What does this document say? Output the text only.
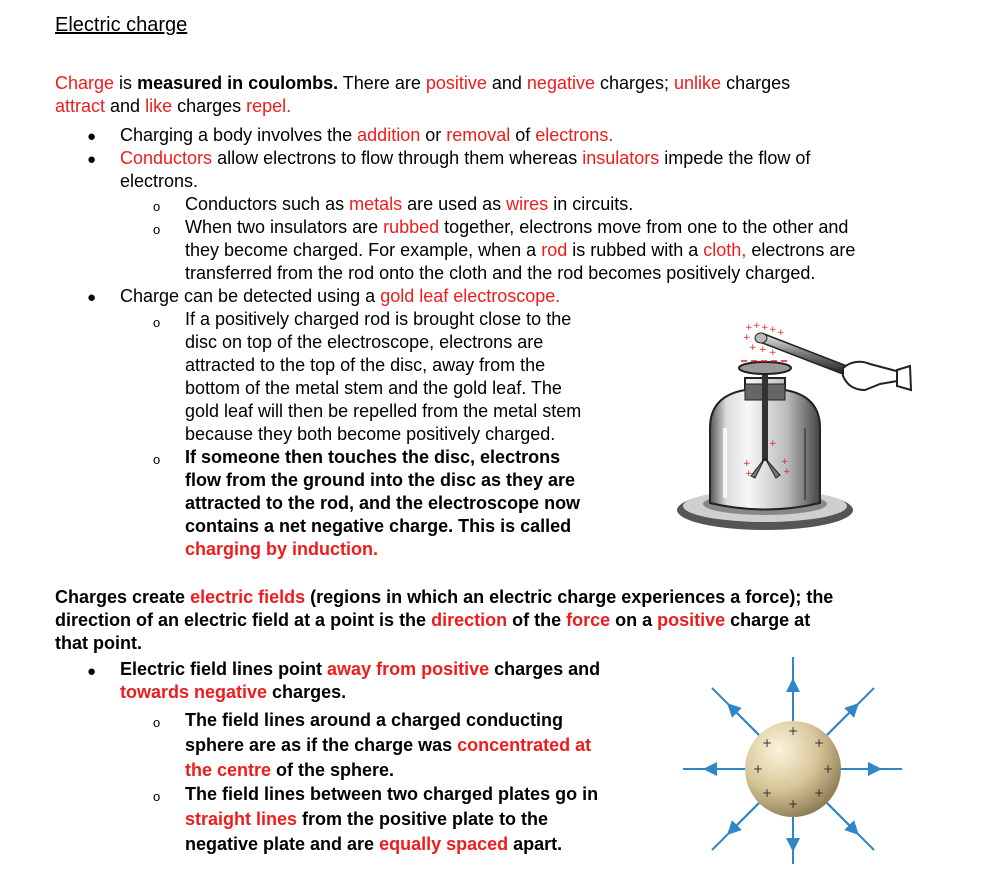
Electric charge
Charge is measured in coulombs. There are positive and negative charges; unlike charges
attract and like charges repel.
● Charging a body involves the addition or removal of electrons.
● Conductors allow electrons to flow through them whereas insulators impede the flow of
electrons.
o Conductors such as metals are used as wires in circuits.
o When two insulators are rubbed together, electrons move from one to the other and
they become charged. For example, when a rod is rubbed with a cloth, electrons are
transferred from the rod onto the cloth and the rod becomes positively charged.
● Charge can be detected using a gold leaf electroscope.
o If a positively charged rod is brought close to the
disc on top of the electroscope, electrons are
attracted to the top of the disc, away from the
bottom of the metal stem and the gold leaf. The
gold leaf will then be repelled from the metal stem
because they both become positively charged.
o If someone then touches the disc, electrons
flow from the ground into the disc as they are
attracted to the rod, and the electroscope now
contains a net negative charge. This is called
charging by induction.
+ + + + +
+
+ + +
+
+
+
+
+
Charges create electric fields (regions in which an electric charge experiences a force); the
direction of an electric field at a point is the direction of the force on a positive charge at
that point.
● Electric field lines point away from positive charges and
towards negative charges.
o The field lines around a charged conducting
sphere are as if the charge was concentrated at
the centre of the sphere.
o The field lines between two charged plates go in
straight lines from the positive plate to the
negative plate and are equally spaced apart.
+
+	+
+	+
+	+
+
